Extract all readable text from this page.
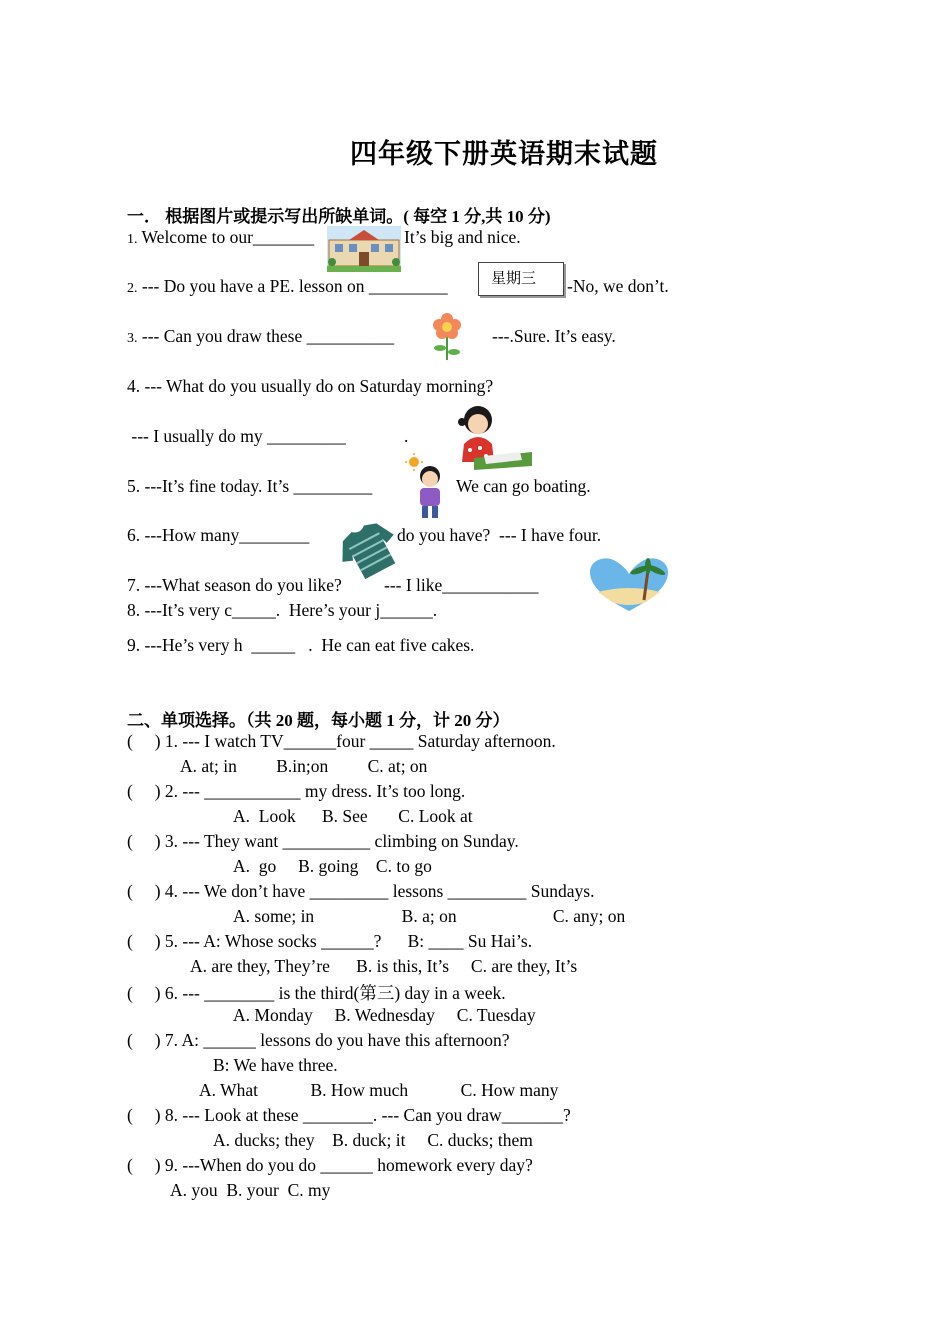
四年级下册英语期末试题
一． 根据图片或提示写出所缺单词。( 每空 1 分,共 10 分)
1. Welcome to our_______	It’s big and nice.
2. --- Do you have a PE. lesson on _________	星期三	-No, we don’t.
3. --- Can you draw these __________	---.Sure. It’s easy.
4. --- What do you usually do on Saturday morning?
--- I usually do my _________	.
5. ---It’s fine today. It’s _________	We can go boating.
6. ---How many________	do you have?  --- I have four.
7. ---What season do you like? --- I like___________
8. ---It’s very c_____.  Here’s your j______.
9. ---He’s very h  _____   .  He can eat five cakes.
二、单项选择。（共 20 题，每小题 1 分，计 20 分）
(     ) 1. --- I watch TV______four _____ Saturday afternoon.
A. at; in         B.in;on         C. at; on
(     ) 2. --- ___________ my dress. It’s too long.
A.  Look      B. See       C. Look at
(     ) 3. --- They want __________ climbing on Sunday.
A.  go     B. going    C. to go
(     ) 4. --- We don’t have _________ lessons _________ Sundays.
A. some; in                    B. a; on                      C. any; on
(     ) 5. --- A: Whose socks ______?      B: ____ Su Hai’s.
A. are they, They’re      B. is this, It’s     C. are they, It’s
(     ) 6. --- ________ is the third(第三) day in a week.
A. Monday     B. Wednesday     C. Tuesday
(     ) 7. A: ______ lessons do you have this afternoon?
B: We have three.
A. What            B. How much            C. How many
(     ) 8. --- Look at these ________. --- Can you draw_______?
A. ducks; they    B. duck; it     C. ducks; them
(     ) 9. ---When do you do ______ homework every day?
A. you  B. your  C. my
